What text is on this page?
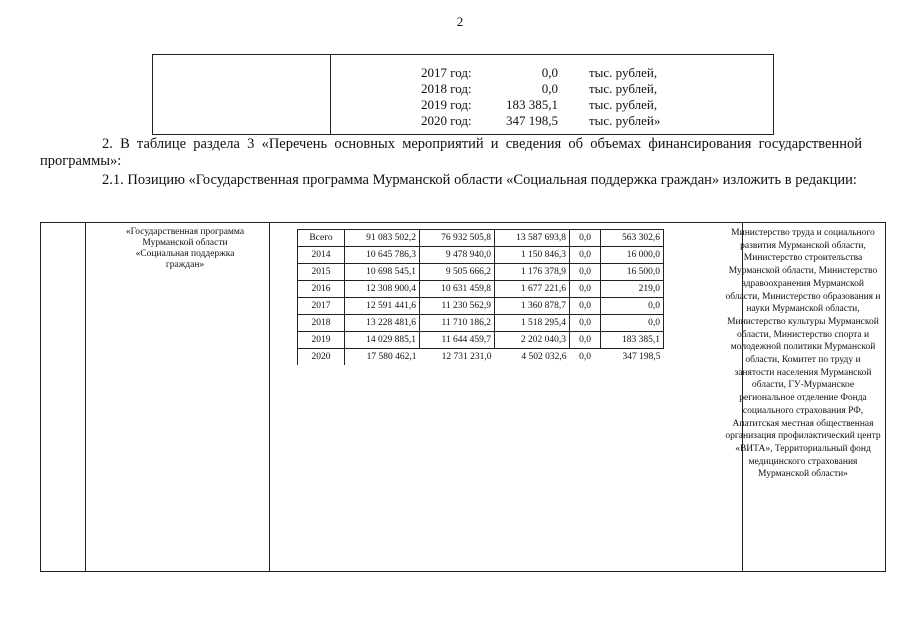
2
2017 год:	0,0 тыс. рублей,
2018 год:	0,0 тыс. рублей,
2019 год:	183 385,1 тыс. рублей,
2020 год:	347 198,5 тыс. рублей»
2. В таблице раздела 3 «Перечень основных мероприятий и сведения об объемах финансирования государственной программы»:
2.1. Позицию «Государственная программа Мурманской области «Социальная поддержка граждан» изложить в редакции:
«Государственная программа Мурманской области «Социальная поддержка граждан»
Всего	91 083 502,2	76 932 505,8	13 587 693,8	0,0	563 302,6
2014	10 645 786,3	9 478 940,0	1 150 846,3	0,0	16 000,0
2015	10 698 545,1	9 505 666,2	1 176 378,9	0,0	16 500,0
2016	12 308 900,4	10 631 459,8	1 677 221,6	0,0	219,0
2017	12 591 441,6	11 230 562,9	1 360 878,7	0,0	0,0
2018	13 228 481,6	11 710 186,2	1 518 295,4	0,0	0,0
2019	14 029 885,1	11 644 459,7	2 202 040,3	0,0	183 385,1
2020	17 580 462,1	12 731 231,0	4 502 032,6	0,0	347 198,5
Министерство труда и социального развития Мурманской области, Министерство строительства Мурманской области, Министерство здравоохранения Мурманской области, Министерство образования и науки Мурманской области, Министерство культуры Мурманской области, Министерство спорта и молодежной политики Мурманской области, Комитет по труду и занятости населения Мурманской области, ГУ-Мурманское региональное отделение Фонда социального страхования РФ, Апатитская местная общественная организация профилактический центр «ВИТА», Территориальный фонд медицинского страхования Мурманской области»
